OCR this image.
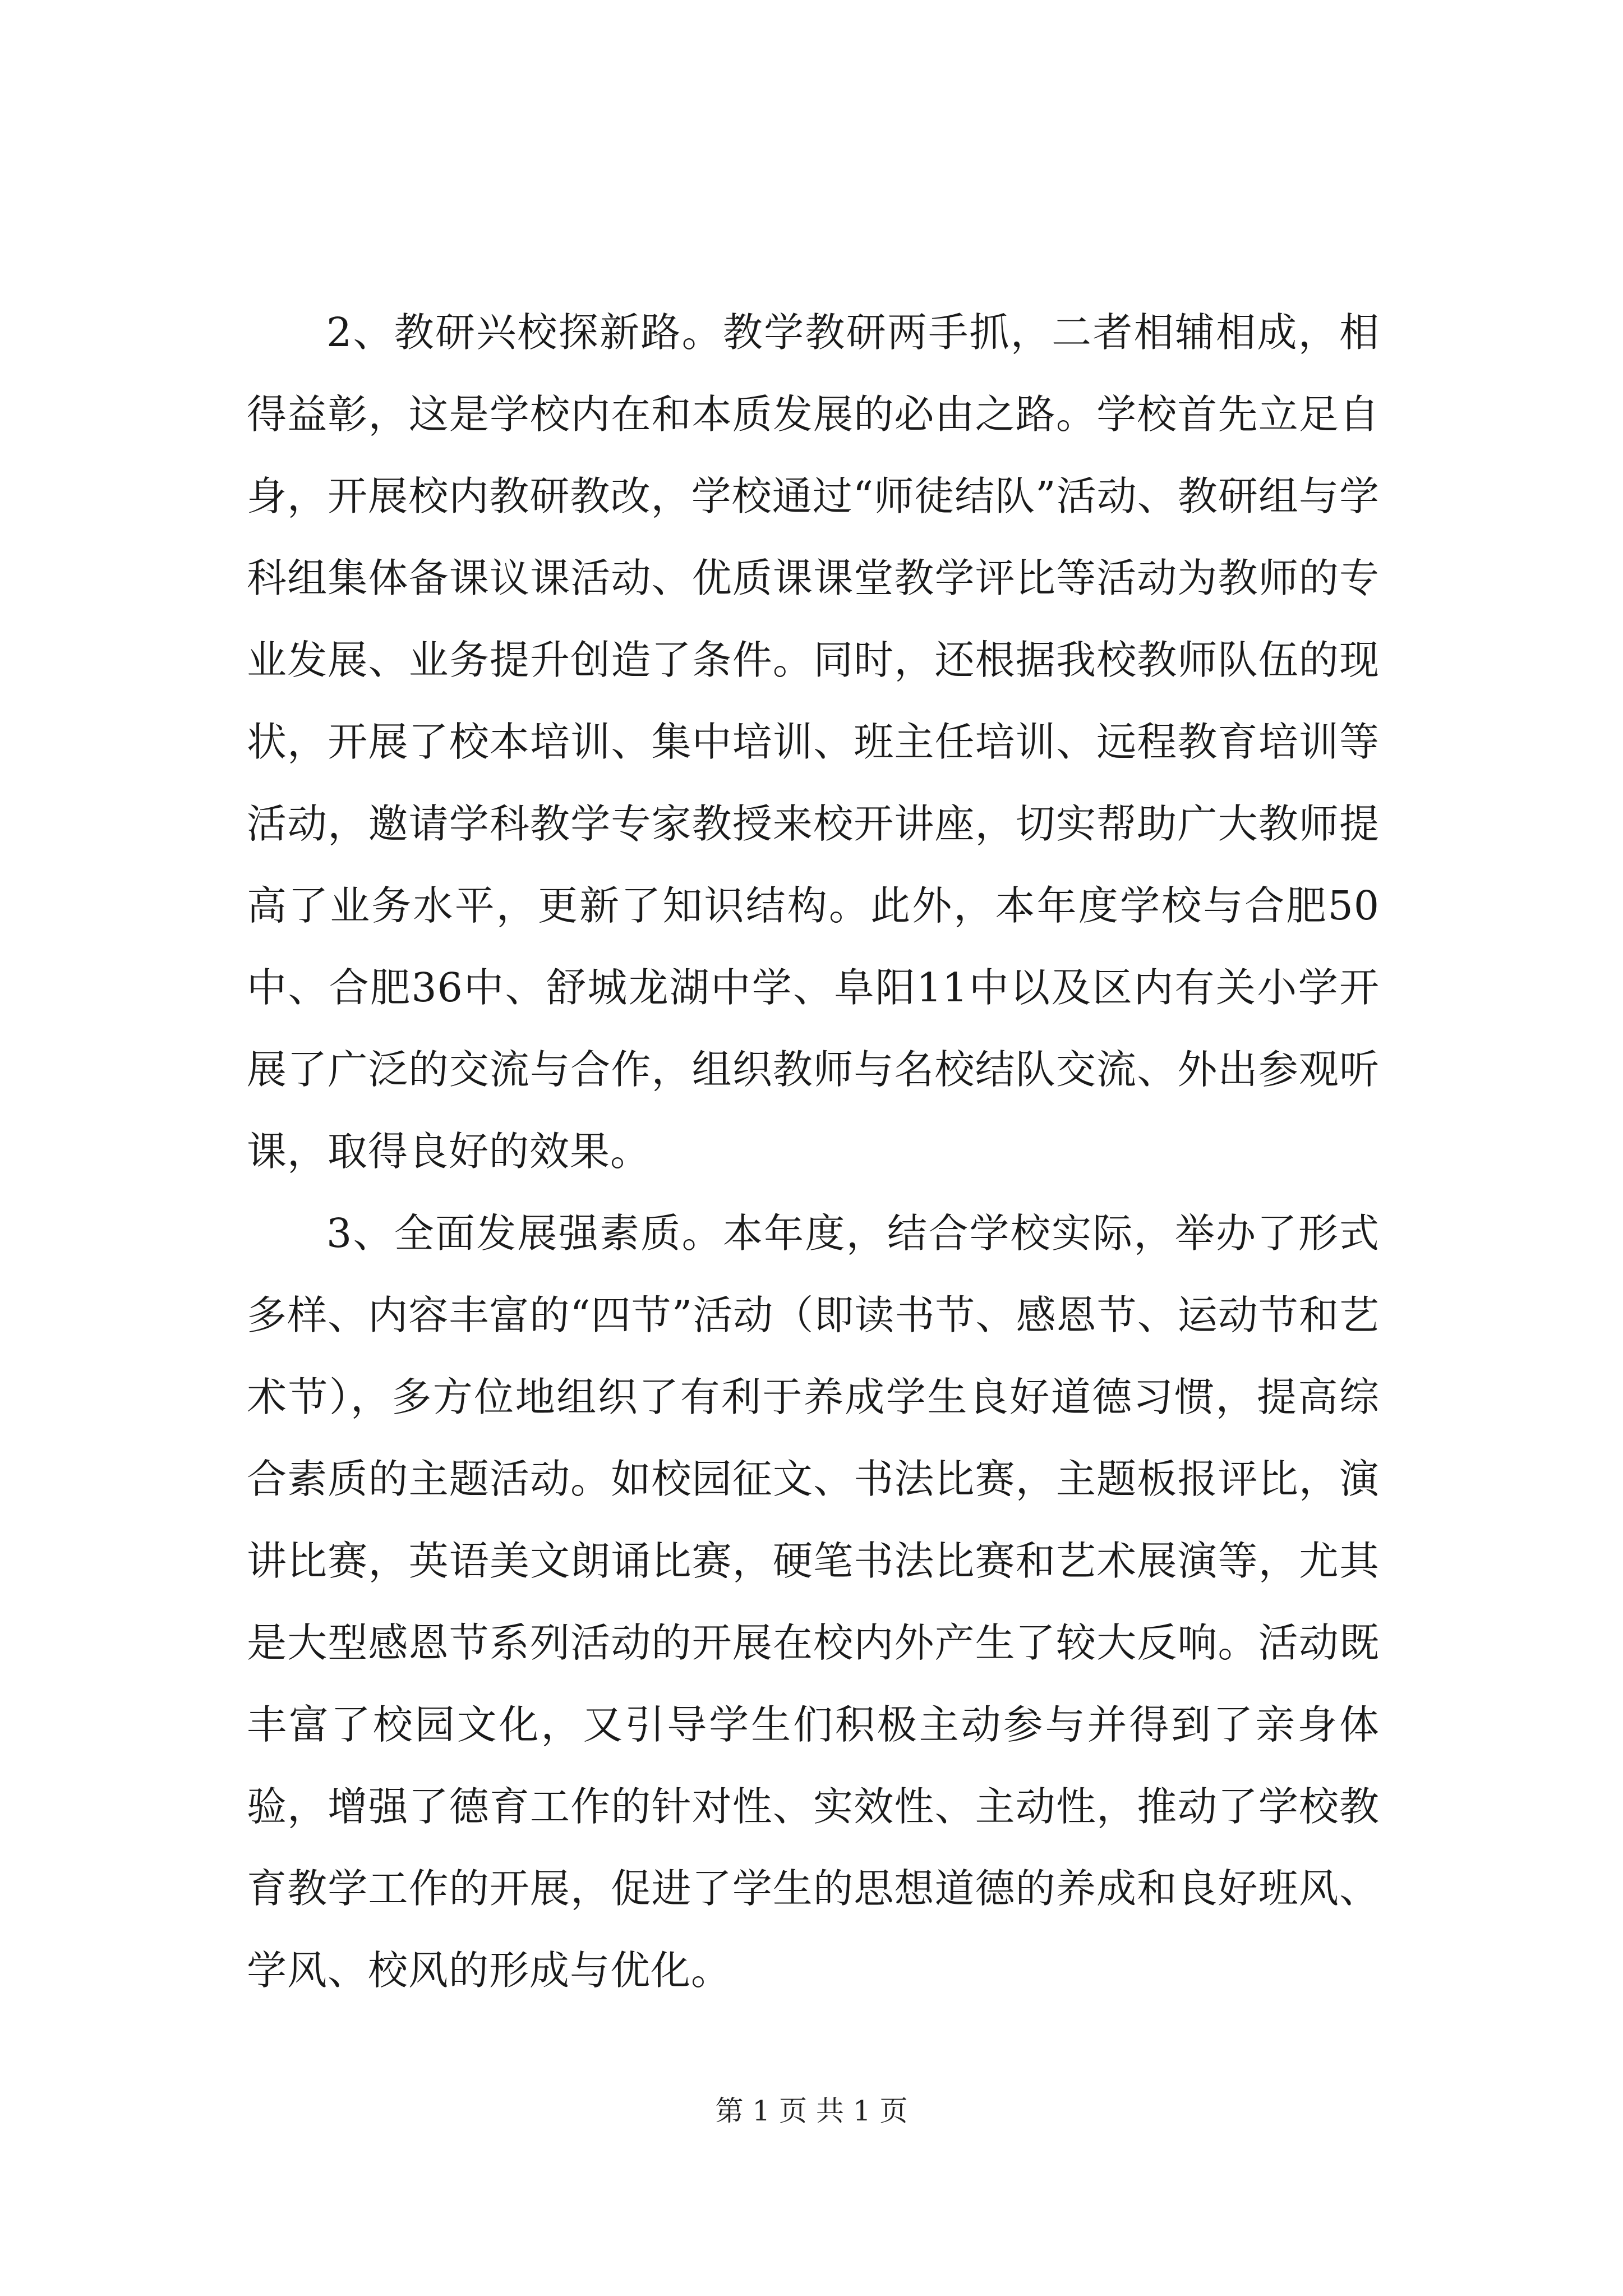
2、教研兴校探新路。教学教研两手抓，二者相辅相成，相得益彰，这是学校内在和本质发展的必由之路。学校首先立足自身，开展校内教研教改，学校通过“师徒结队”活动、教研组与学科组集体备课议课活动、优质课课堂教学评比等活动为教师的专业发展、业务提升创造了条件。同时，还根据我校教师队伍的现状，开展了校本培训、集中培训、班主任培训、远程教育培训等活动，邀请学科教学专家教授来校开讲座，切实帮助广大教师提高了业务水平，更新了知识结构。此外，本年度学校与合肥50中、合肥36中、舒城龙湖中学、阜阳11中以及区内有关小学开展了广泛的交流与合作，组织教师与名校结队交流、外出参观听课，取得良好的效果。

3、全面发展强素质。本年度，结合学校实际，举办了形式多样、内容丰富的“四节”活动（即读书节、感恩节、运动节和艺术节），多方位地组织了有利于养成学生良好道德习惯，提高综合素质的主题活动。如校园征文、书法比赛，主题板报评比，演讲比赛，英语美文朗诵比赛，硬笔书法比赛和艺术展演等，尤其是大型感恩节系列活动的开展在校内外产生了较大反响。活动既丰富了校园文化，又引导学生们积极主动参与并得到了亲身体验，增强了德育工作的针对性、实效性、主动性，推动了学校教育教学工作的开展，促进了学生的思想道德的养成和良好班风、学风、校风的形成与优化。

第 1 页 共 1 页
